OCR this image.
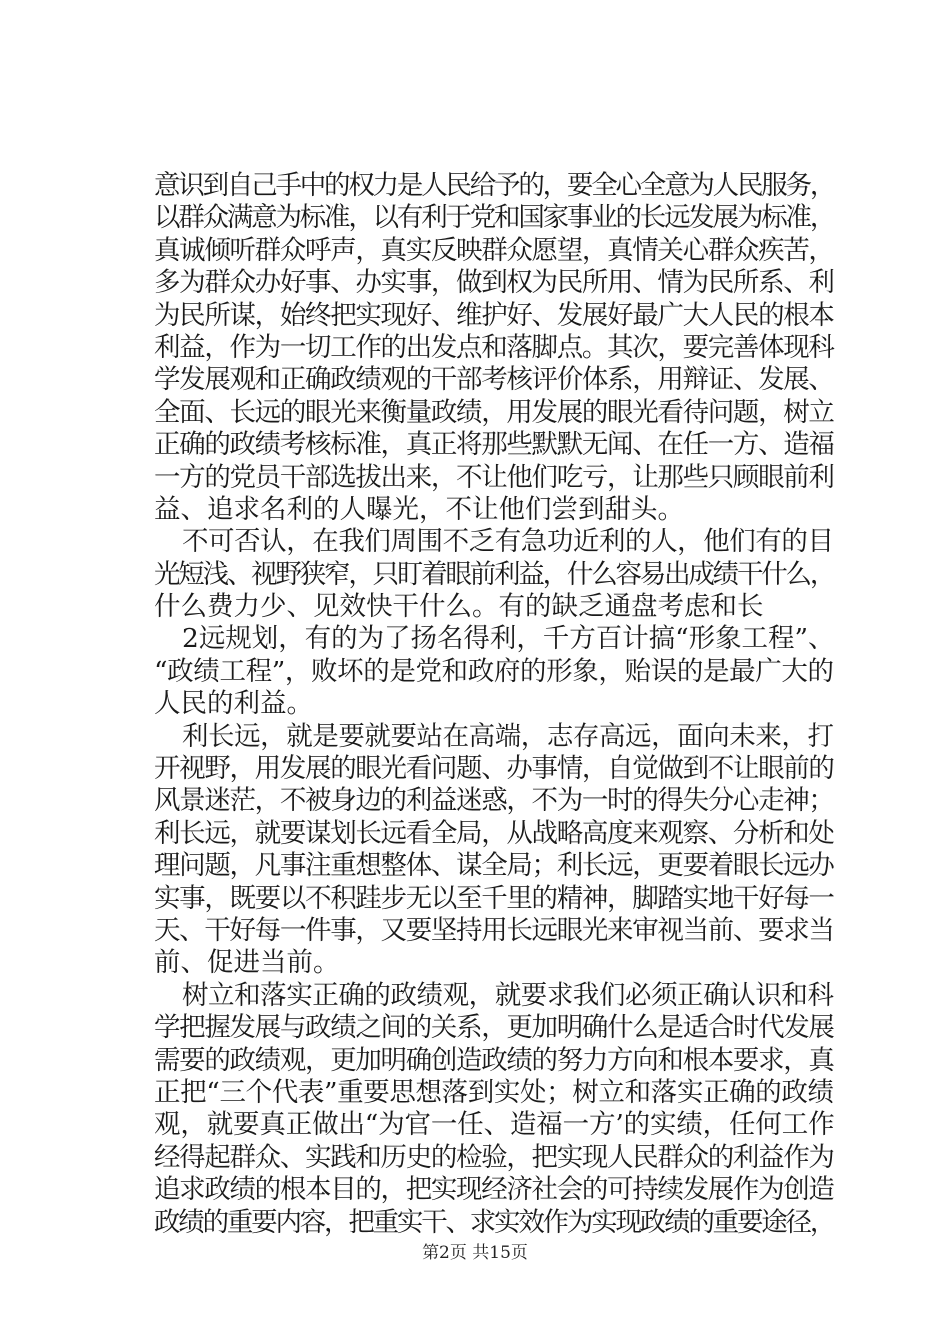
意识到自己手中的权力是人民给予的，要全心全意为人民服务，
以群众满意为标准，以有利于党和国家事业的长远发展为标准，
真诚倾听群众呼声，真实反映群众愿望，真情关心群众疾苦，
多为群众办好事、办实事，做到权为民所用、情为民所系、利
为民所谋，始终把实现好、维护好、发展好最广大人民的根本
利益，作为一切工作的出发点和落脚点。其次，要完善体现科
学发展观和正确政绩观的干部考核评价体系，用辩证、发展、
全面、长远的眼光来衡量政绩，用发展的眼光看待问题，树立
正确的政绩考核标准，真正将那些默默无闻、在任一方、造福
一方的党员干部选拔出来，不让他们吃亏，让那些只顾眼前利
益、追求名利的人曝光，不让他们尝到甜头。
不可否认，在我们周围不乏有急功近利的人，他们有的目
光短浅、视野狭窄，只盯着眼前利益，什么容易出成绩干什么，
什么费力少、见效快干什么。有的缺乏通盘考虑和长
2远规划，有的为了扬名得利，千方百计搞“形象工程”、
“政绩工程”，败坏的是党和政府的形象，贻误的是最广大的
人民的利益。
利长远，就是要就要站在高端，志存高远，面向未来，打
开视野，用发展的眼光看问题、办事情，自觉做到不让眼前的
风景迷茫，不被身边的利益迷惑，不为一时的得失分心走神；
利长远，就要谋划长远看全局，从战略高度来观察、分析和处
理问题，凡事注重想整体、谋全局；利长远，更要着眼长远办
实事，既要以不积跬步无以至千里的精神，脚踏实地干好每一
天、干好每一件事，又要坚持用长远眼光来审视当前、要求当
前、促进当前。
树立和落实正确的政绩观，就要求我们必须正确认识和科
学把握发展与政绩之间的关系，更加明确什么是适合时代发展
需要的政绩观，更加明确创造政绩的努力方向和根本要求，真
正把“三个代表”重要思想落到实处；树立和落实正确的政绩
观，就要真正做出“为官一任、造福一方’的实绩，任何工作
经得起群众、实践和历史的检验，把实现人民群众的利益作为
追求政绩的根本目的，把实现经济社会的可持续发展作为创造
政绩的重要内容，把重实干、求实效作为实现政绩的重要途径，
第2页 共15页
